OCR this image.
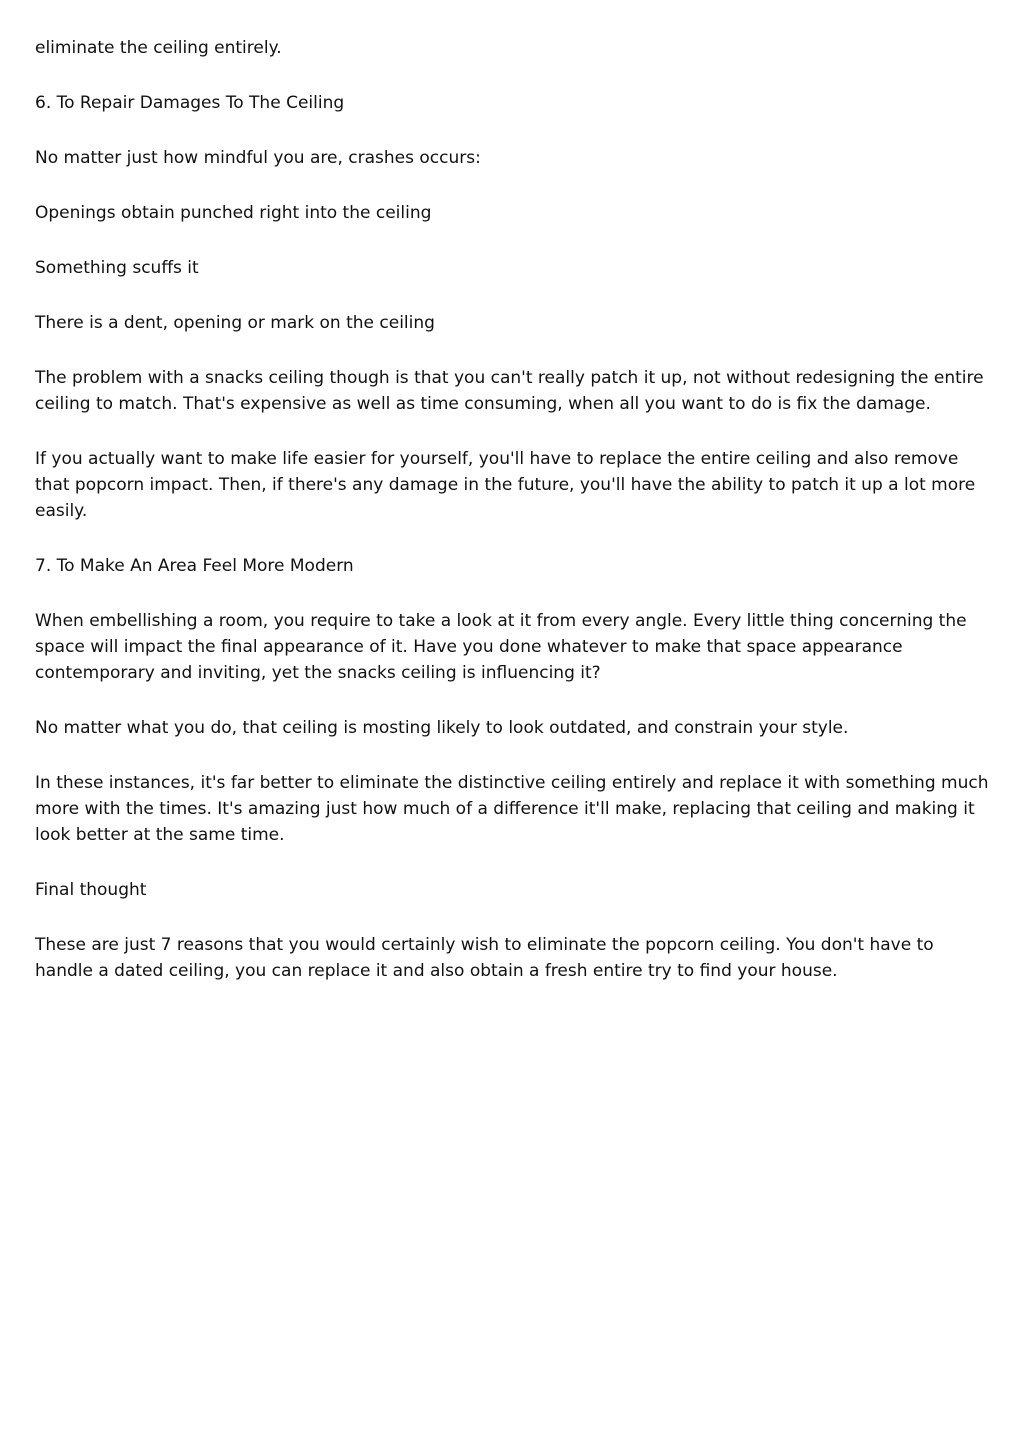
eliminate the ceiling entirely.

6. To Repair Damages To The Ceiling

No matter just how mindful you are, crashes occurs:

Openings obtain punched right into the ceiling

Something scuffs it

There is a dent, opening or mark on the ceiling

The problem with a snacks ceiling though is that you can't really patch it up, not without redesigning the entire ceiling to match. That's expensive as well as time consuming, when all you want to do is fix the damage.

If you actually want to make life easier for yourself, you'll have to replace the entire ceiling and also remove that popcorn impact. Then, if there's any damage in the future, you'll have the ability to patch it up a lot more easily.

7. To Make An Area Feel More Modern

When embellishing a room, you require to take a look at it from every angle. Every little thing concerning the space will impact the final appearance of it. Have you done whatever to make that space appearance contemporary and inviting, yet the snacks ceiling is influencing it?

No matter what you do, that ceiling is mosting likely to look outdated, and constrain your style.

In these instances, it's far better to eliminate the distinctive ceiling entirely and replace it with something much more with the times. It's amazing just how much of a difference it'll make, replacing that ceiling and making it look better at the same time.

Final thought

These are just 7 reasons that you would certainly wish to eliminate the popcorn ceiling. You don't have to handle a dated ceiling, you can replace it and also obtain a fresh entire try to find your house.
